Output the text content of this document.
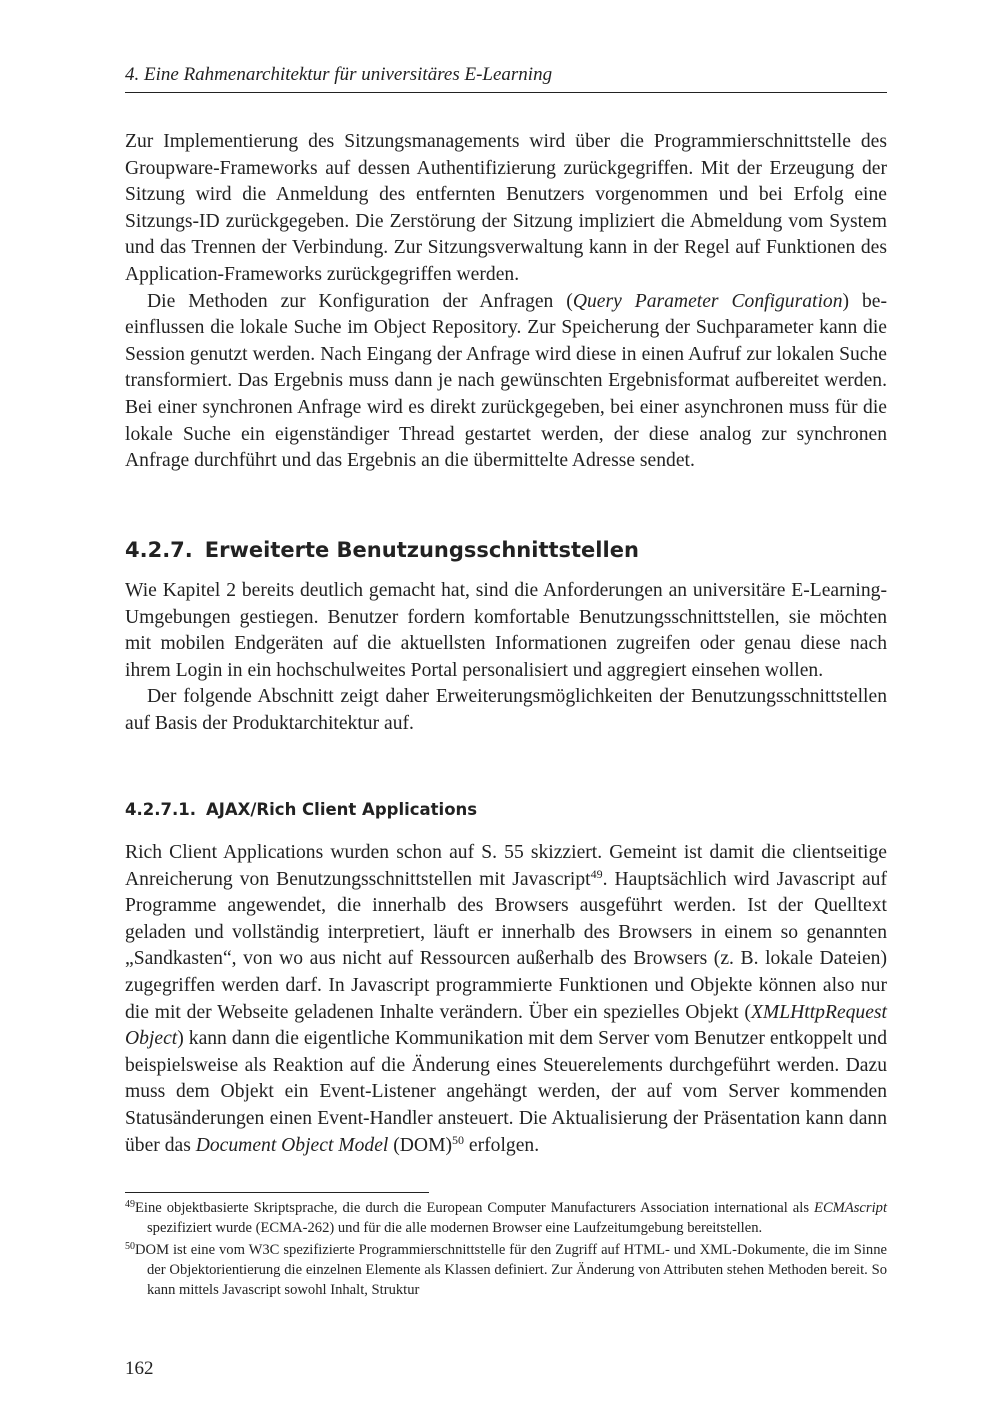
4. Eine Rahmenarchitektur für universitäres E-Learning

Zur Implementierung des Sitzungsmanagements wird über die Programmierschnittstelle des Groupware-Frameworks auf dessen Authentifizierung zurückgegriffen. Mit der Erzeugung der Sitzung wird die Anmeldung des entfernten Benutzers vorgenommen und bei Erfolg eine Sitzungs-ID zurückgegeben. Die Zerstörung der Sitzung impliziert die Abmeldung vom System und das Trennen der Verbindung. Zur Sitzungsverwaltung kann in der Regel auf Funktionen des Application-Frameworks zurückgegriffen werden.

Die Methoden zur Konfiguration der Anfragen (Query Parameter Configuration) beeinflussen die lokale Suche im Object Repository. Zur Speicherung der Suchparameter kann die Session genutzt werden. Nach Eingang der Anfrage wird diese in einen Aufruf zur lokalen Suche transformiert. Das Ergebnis muss dann je nach gewünschten Ergebnisformat aufbereitet werden. Bei einer synchronen Anfrage wird es direkt zurückgegeben, bei einer asynchronen muss für die lokale Suche ein eigenständiger Thread gestartet werden, der diese analog zur synchronen Anfrage durchführt und das Ergebnis an die übermittelte Adresse sendet.

4.2.7. Erweiterte Benutzungsschnittstellen

Wie Kapitel 2 bereits deutlich gemacht hat, sind die Anforderungen an universitäre E-Learning-Umgebungen gestiegen. Benutzer fordern komfortable Benutzungsschnittstellen, sie möchten mit mobilen Endgeräten auf die aktuellsten Informationen zugreifen oder genau diese nach ihrem Login in ein hochschulweites Portal personalisiert und aggregiert einsehen wollen.

Der folgende Abschnitt zeigt daher Erweiterungsmöglichkeiten der Benutzungsschnittstellen auf Basis der Produktarchitektur auf.

4.2.7.1. AJAX/Rich Client Applications

Rich Client Applications wurden schon auf S. 55 skizziert. Gemeint ist damit die clientseitige Anreicherung von Benutzungsschnittstellen mit Javascript$^{49}$. Hauptsächlich wird Javascript auf Programme angewendet, die innerhalb des Browsers ausgeführt werden. Ist der Quelltext geladen und vollständig interpretiert, läuft er innerhalb des Browsers in einem so genannten „Sandkasten“, von wo aus nicht auf Ressourcen außerhalb des Browsers (z. B. lokale Dateien) zugegriffen werden darf. In Javascript programmierte Funktionen und Objekte können also nur die mit der Webseite geladenen Inhalte verändern. Über ein spezielles Objekt (XMLHttpRequest Object) kann dann die eigentliche Kommunikation mit dem Server vom Benutzer entkoppelt und beispielsweise als Reaktion auf die Änderung eines Steuerelements durchgeführt werden. Dazu muss dem Objekt ein Event-Listener angehängt werden, der auf vom Server kommenden Statusänderungen einen Event-Handler ansteuert. Die Aktualisierung der Präsentation kann dann über das Document Object Model (DOM)$^{50}$ erfolgen.

$^{49}$Eine objektbasierte Skriptsprache, die durch die European Computer Manufacturers Association international als ECMAscript spezifiziert wurde (ECMA-262) und für die alle modernen Browser eine Laufzeitumgebung bereitstellen.

$^{50}$DOM ist eine vom W3C spezifizierte Programmierschnittstelle für den Zugriff auf HTML- und XML-Dokumente, die im Sinne der Objektorientierung die einzelnen Elemente als Klassen definiert. Zur Änderung von Attributen stehen Methoden bereit. So kann mittels Javascript sowohl Inhalt, Struktur

162
